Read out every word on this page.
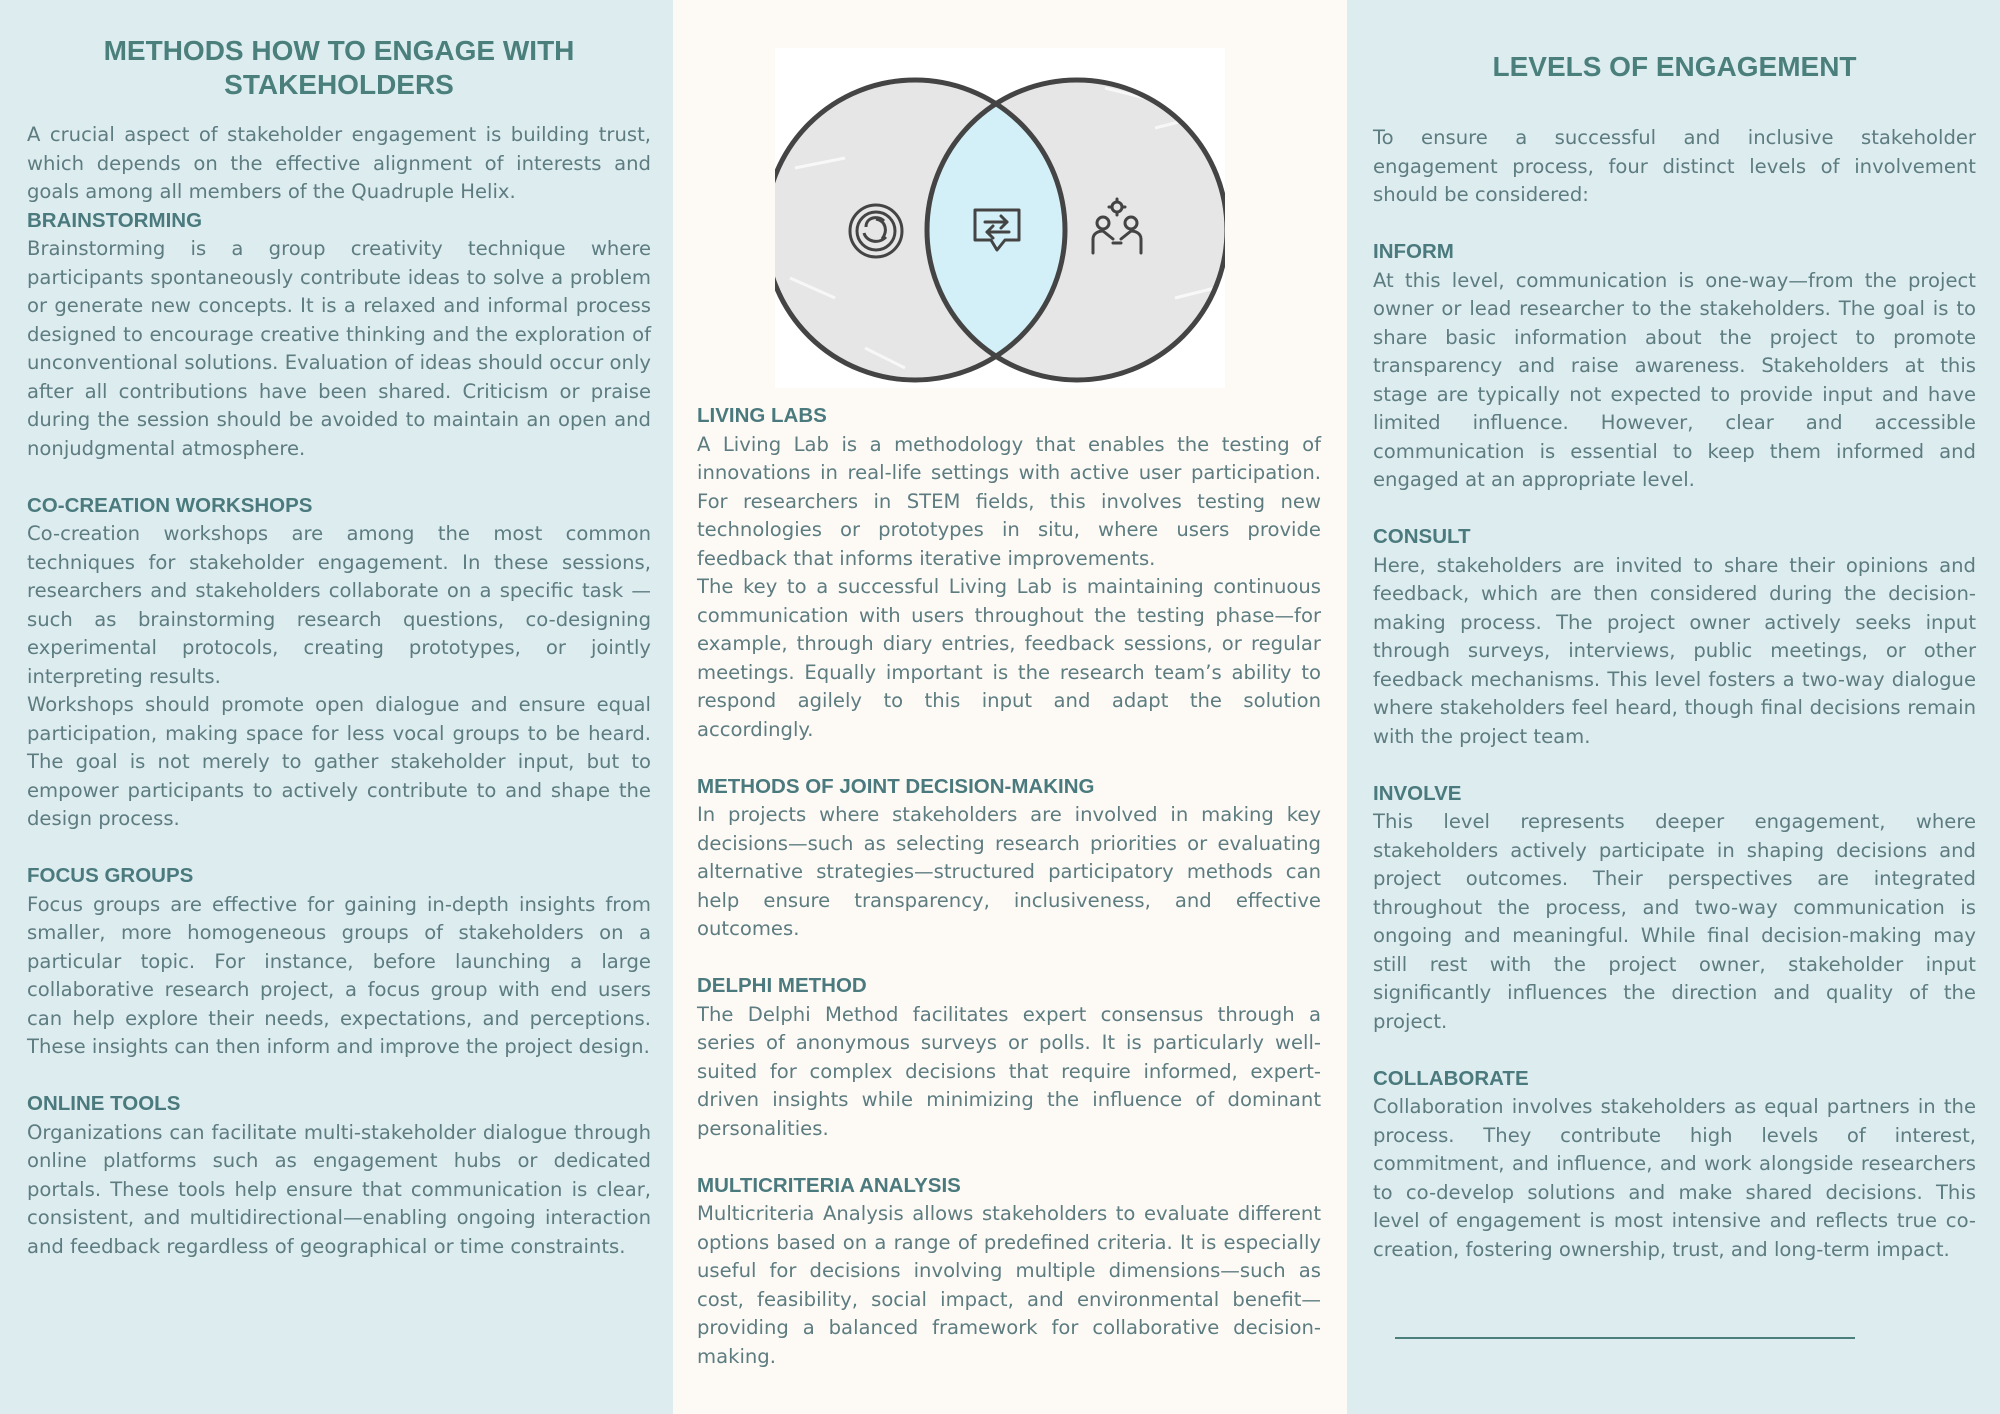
METHODS HOW TO ENGAGE WITH STAKEHOLDERS

A crucial aspect of stakeholder engagement is building trust, which depends on the effective alignment of interests and goals among all members of the Quadruple Helix.

BRAINSTORMING

Brainstorming is a group creativity technique where participants spontaneously contribute ideas to solve a problem or generate new concepts. It is a relaxed and informal process designed to encourage creative thinking and the exploration of unconventional solutions. Evaluation of ideas should occur only after all contributions have been shared. Criticism or praise during the session should be avoided to maintain an open and nonjudgmental atmosphere.

CO-CREATION WORKSHOPS

Co-creation workshops are among the most common techniques for stakeholder engagement. In these sessions, researchers and stakeholders collaborate on a specific task —such as brainstorming research questions, co-designing experimental protocols, creating prototypes, or jointly interpreting results.

Workshops should promote open dialogue and ensure equal participation, making space for less vocal groups to be heard. The goal is not merely to gather stakeholder input, but to empower participants to actively contribute to and shape the design process.

FOCUS GROUPS

Focus groups are effective for gaining in-depth insights from smaller, more homogeneous groups of stakeholders on a particular topic. For instance, before launching a large collaborative research project, a focus group with end users can help explore their needs, expectations, and perceptions. These insights can then inform and improve the project design.

ONLINE TOOLS

Organizations can facilitate multi-stakeholder dialogue through online platforms such as engagement hubs or dedicated portals. These tools help ensure that communication is clear, consistent, and multidirectional—enabling ongoing interaction and feedback regardless of geographical or time constraints.

LIVING LABS

A Living Lab is a methodology that enables the testing of innovations in real-life settings with active user participation. For researchers in STEM fields, this involves testing new technologies or prototypes in situ, where users provide feedback that informs iterative improvements.

The key to a successful Living Lab is maintaining continuous communication with users throughout the testing phase—for example, through diary entries, feedback sessions, or regular meetings. Equally important is the research team’s ability to respond agilely to this input and adapt the solution accordingly.

METHODS OF JOINT DECISION-MAKING

In projects where stakeholders are involved in making key decisions—such as selecting research priorities or evaluating alternative strategies—structured participatory methods can help ensure transparency, inclusiveness, and effective outcomes.

DELPHI METHOD

The Delphi Method facilitates expert consensus through a series of anonymous surveys or polls. It is particularly well-suited for complex decisions that require informed, expert-driven insights while minimizing the influence of dominant personalities.

MULTICRITERIA ANALYSIS

Multicriteria Analysis allows stakeholders to evaluate different options based on a range of predefined criteria. It is especially useful for decisions involving multiple dimensions—such as cost, feasibility, social impact, and environmental benefit—providing a balanced framework for collaborative decision-making.

LEVELS OF ENGAGEMENT

To ensure a successful and inclusive stakeholder engagement process, four distinct levels of involvement should be considered:

INFORM

At this level, communication is one-way—from the project owner or lead researcher to the stakeholders. The goal is to share basic information about the project to promote transparency and raise awareness. Stakeholders at this stage are typically not expected to provide input and have limited influence. However, clear and accessible communication is essential to keep them informed and engaged at an appropriate level.

CONSULT

Here, stakeholders are invited to share their opinions and feedback, which are then considered during the decision-making process. The project owner actively seeks input through surveys, interviews, public meetings, or other feedback mechanisms. This level fosters a two-way dialogue where stakeholders feel heard, though final decisions remain with the project team.

INVOLVE

This level represents deeper engagement, where stakeholders actively participate in shaping decisions and project outcomes. Their perspectives are integrated throughout the process, and two-way communication is ongoing and meaningful. While final decision-making may still rest with the project owner, stakeholder input significantly influences the direction and quality of the project.

COLLABORATE

Collaboration involves stakeholders as equal partners in the process. They contribute high levels of interest, commitment, and influence, and work alongside researchers to co-develop solutions and make shared decisions. This level of engagement is most intensive and reflects true co-creation, fostering ownership, trust, and long-term impact.
